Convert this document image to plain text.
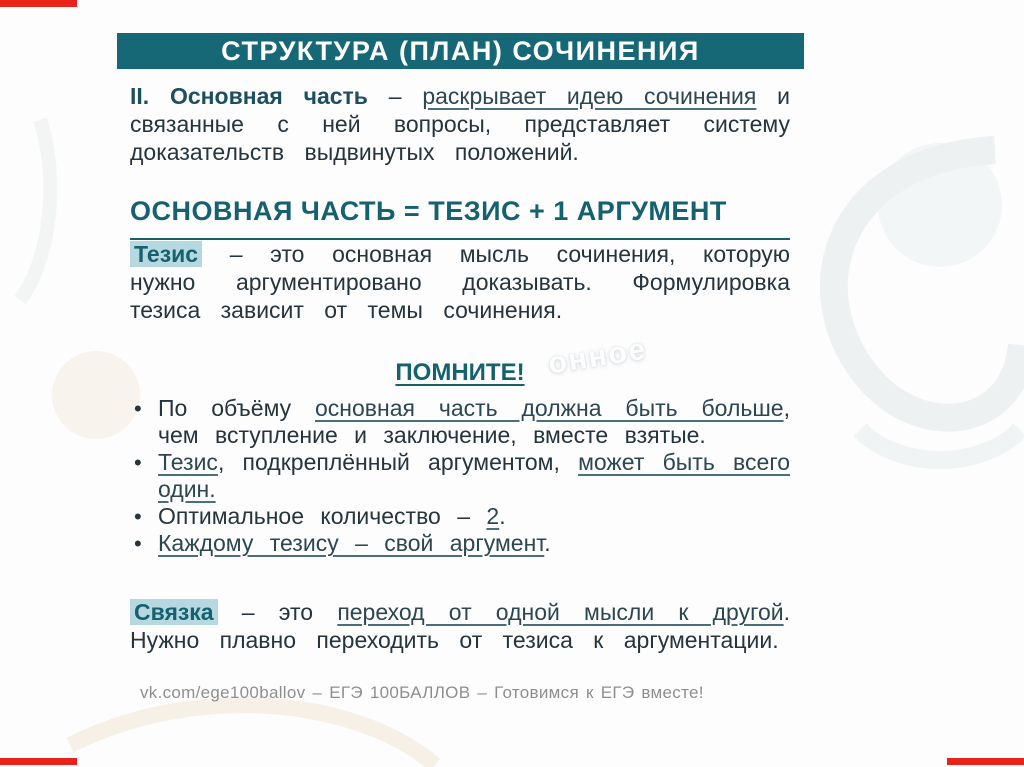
онное
СТРУКТУРА (ПЛАН) СОЧИНЕНИЯ

II. Основная часть – раскрывает идею сочинения и связанные с ней вопросы, представляет систему доказательств выдвинутых положений.

ОСНОВНАЯ ЧАСТЬ = ТЕЗИС + 1 АРГУМЕНТ

Тезис – это основная мысль сочинения, которую нужно аргументировано доказывать. Формулировка тезиса зависит от темы сочинения.

ПОМНИТЕ!
• По объёму основная часть должна быть больше, чем вступление и заключение, вместе взятые.
• Тезис, подкреплённый аргументом, может быть всего один.
• Оптимальное количество – 2.
• Каждому тезису – свой аргумент.

Связка – это переход от одной мысли к другой. Нужно плавно переходить от тезиса к аргументации.

vk.com/ege100ballov – ЕГЭ 100БАЛЛОВ – Готовимся к ЕГЭ вместе!
